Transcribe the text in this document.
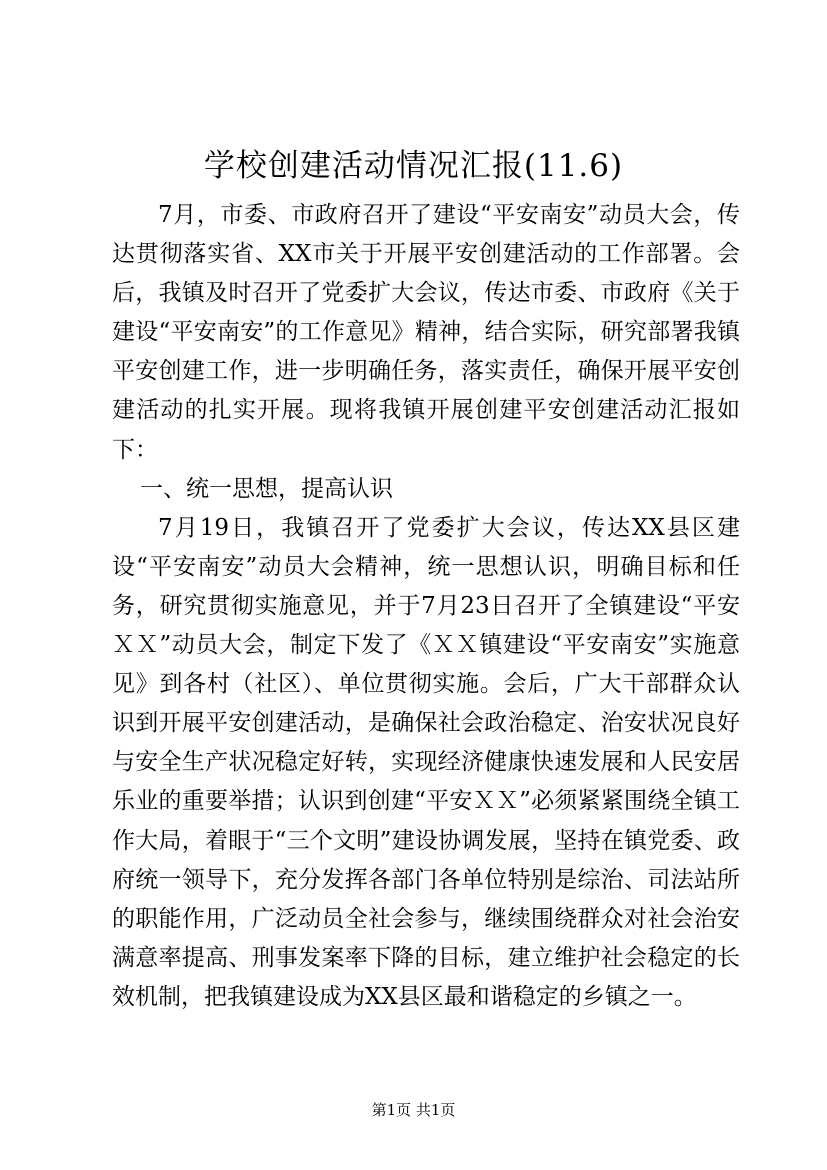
学校创建活动情况汇报(11.6)

7月，市委、市政府召开了建设“平安南安”动员大会，传达贯彻落实省、XX市关于开展平安创建活动的工作部署。会后，我镇及时召开了党委扩大会议，传达市委、市政府《关于建设“平安南安”的工作意见》精神，结合实际，研究部署我镇平安创建工作，进一步明确任务，落实责任，确保开展平安创建活动的扎实开展。现将我镇开展创建平安创建活动汇报如下：

一、统一思想，提高认识

7月19日，我镇召开了党委扩大会议，传达XX县区建设“平安南安”动员大会精神，统一思想认识，明确目标和任务，研究贯彻实施意见，并于7月23日召开了全镇建设“平安ＸＸ”动员大会，制定下发了《ＸＸ镇建设“平安南安”实施意见》到各村（社区）、单位贯彻实施。会后，广大干部群众认识到开展平安创建活动，是确保社会政治稳定、治安状况良好与安全生产状况稳定好转，实现经济健康快速发展和人民安居乐业的重要举措；认识到创建“平安ＸＸ”必须紧紧围绕全镇工作大局，着眼于“三个文明”建设协调发展，坚持在镇党委、政府统一领导下，充分发挥各部门各单位特别是综治、司法站所的职能作用，广泛动员全社会参与，继续围绕群众对社会治安满意率提高、刑事发案率下降的目标，建立维护社会稳定的长效机制，把我镇建设成为XX县区最和谐稳定的乡镇之一。

第1页 共1页
